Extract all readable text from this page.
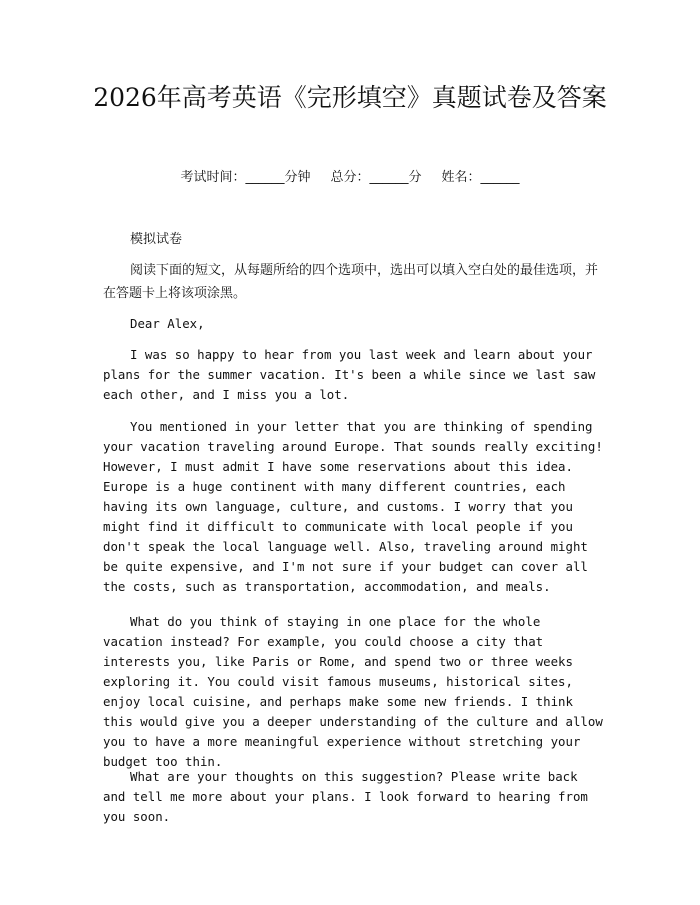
2026年高考英语《完形填空》真题试卷及答案
考试时间：______分钟 总分：______分 姓名：______

模拟试卷

阅读下面的短文，从每题所给的四个选项中，选出可以填入空白处的最佳选项，并在答题卡上将该项涂黑。

Dear Alex,

I was so happy to hear from you last week and learn about your plans for the summer vacation. It's been a while since we last saw each other, and I miss you a lot.

You mentioned in your letter that you are thinking of spending your vacation traveling around Europe. That sounds really exciting! However, I must admit I have some reservations about this idea. Europe is a huge continent with many different countries, each having its own language, culture, and customs. I worry that you might find it difficult to communicate with local people if you don't speak the local language well. Also, traveling around might be quite expensive, and I'm not sure if your budget can cover all the costs, such as transportation, accommodation, and meals.

What do you think of staying in one place for the whole vacation instead? For example, you could choose a city that interests you, like Paris or Rome, and spend two or three weeks exploring it. You could visit famous museums, historical sites, enjoy local cuisine, and perhaps make some new friends. I think this would give you a deeper understanding of the culture and allow you to have a more meaningful experience without stretching your budget too thin.

What are your thoughts on this suggestion? Please write back and tell me more about your plans. I look forward to hearing from you soon.
